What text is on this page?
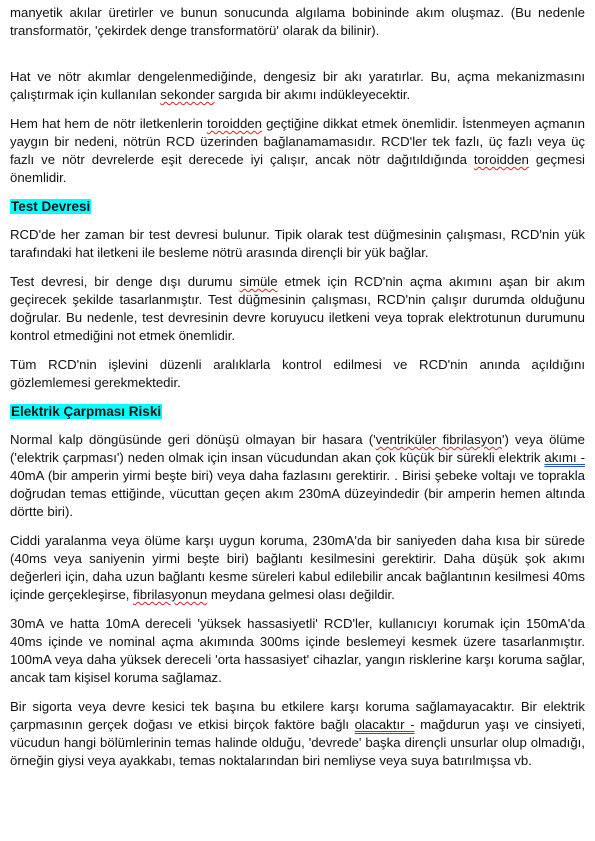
manyetik akılar üretirler ve bunun sonucunda algılama bobininde akım oluşmaz. (Bu nedenle transformatör, 'çekirdek denge transformatörü' olarak da bilinir).

Hat ve nötr akımlar dengelenmediğinde, dengesiz bir akı yaratırlar. Bu, açma mekanizmasını çalıştırmak için kullanılan sekonder sargıda bir akımı indükleyecektir.

Hem hat hem de nötr iletkenlerin toroidden geçtiğine dikkat etmek önemlidir. İstenmeyen açmanın yaygın bir nedeni, nötrün RCD üzerinden bağlanamamasıdır. RCD'ler tek fazlı, üç fazlı veya üç fazlı ve nötr devrelerde eşit derecede iyi çalışır, ancak nötr dağıtıldığında toroidden geçmesi önemlidir.

Test Devresi

RCD'de her zaman bir test devresi bulunur. Tipik olarak test düğmesinin çalışması, RCD'nin yük tarafındaki hat iletkeni ile besleme nötrü arasında dirençli bir yük bağlar.

Test devresi, bir denge dışı durumu simüle etmek için RCD'nin açma akımını aşan bir akım geçirecek şekilde tasarlanmıştır. Test düğmesinin çalışması, RCD'nin çalışır durumda olduğunu doğrular. Bu nedenle, test devresinin devre koruyucu iletkeni veya toprak elektrotunun durumunu kontrol etmediğini not etmek önemlidir.

Tüm RCD'nin işlevini düzenli aralıklarla kontrol edilmesi ve RCD'nin anında açıldığını gözlemlemesi gerekmektedir.

Elektrik Çarpması Riski

Normal kalp döngüsünde geri dönüşü olmayan bir hasara ('ventriküler fibrilasyon') veya ölüme ('elektrik çarpması') neden olmak için insan vücudundan akan çok küçük bir sürekli elektrik akımı - 40mA (bir amperin yirmi beşte biri) veya daha fazlasını gerektirir. . Birisi şebeke voltajı ve toprakla doğrudan temas ettiğinde, vücuttan geçen akım 230mA düzeyindedir (bir amperin hemen altında dörtte biri).

Ciddi yaralanma veya ölüme karşı uygun koruma, 230mA'da bir saniyeden daha kısa bir sürede (40ms veya saniyenin yirmi beşte biri) bağlantı kesilmesini gerektirir. Daha düşük şok akımı değerleri için, daha uzun bağlantı kesme süreleri kabul edilebilir ancak bağlantının kesilmesi 40ms içinde gerçekleşirse, fibrilasyonun meydana gelmesi olası değildir.

30mA ve hatta 10mA dereceli 'yüksek hassasiyetli' RCD'ler, kullanıcıyı korumak için 150mA'da 40ms içinde ve nominal açma akımında 300ms içinde beslemeyi kesmek üzere tasarlanmıştır. 100mA veya daha yüksek dereceli 'orta hassasiyet' cihazlar, yangın risklerine karşı koruma sağlar, ancak tam kişisel koruma sağlamaz.

Bir sigorta veya devre kesici tek başına bu etkilere karşı koruma sağlamayacaktır. Bir elektrik çarpmasının gerçek doğası ve etkisi birçok faktöre bağlı olacaktır - mağdurun yaşı ve cinsiyeti, vücudun hangi bölümlerinin temas halinde olduğu, 'devrede' başka dirençli unsurlar olup olmadığı, örneğin giysi veya ayakkabı, temas noktalarından biri nemliyse veya suya batırılmışsa vb.
